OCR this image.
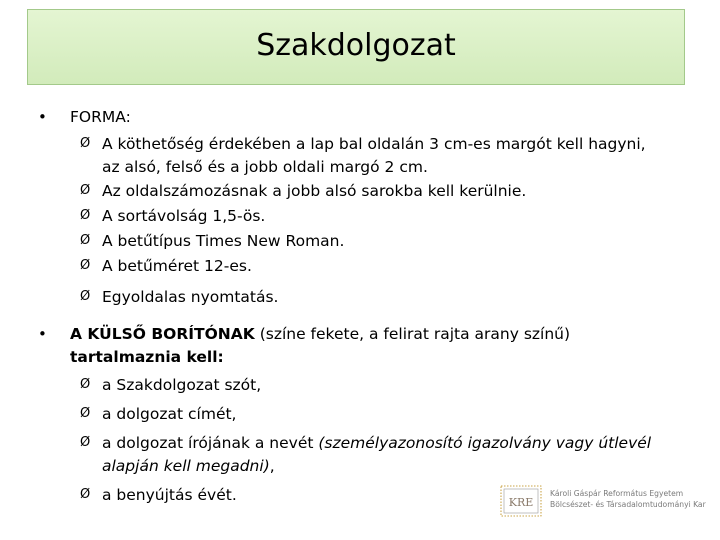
Szakdolgozat
• FORMA:
Ø A köthetőség érdekében a lap bal oldalán 3 cm-es margót kell hagyni,
az alsó, felső és a jobb oldali margó 2 cm.
Ø Az oldalszámozásnak a jobb alsó sarokba kell kerülnie.
Ø A sortávolság 1,5-ös.
Ø A betűtípus Times New Roman.
Ø A betűméret 12-es.
Ø Egyoldalas nyomtatás.
• A KÜLSŐ BORÍTÓNAK (színe fekete, a felirat rajta arany színű)
tartalmaznia kell:
Ø a Szakdolgozat szót,
Ø a dolgozat címét,
Ø a dolgozat írójának a nevét (személyazonosító igazolvány vagy útlevél
alapján kell megadni),
Ø a benyújtás évét.	KRE
Károli Gáspár Református Egyetem
Bölcsészet- és Társadalomtudományi Kar
